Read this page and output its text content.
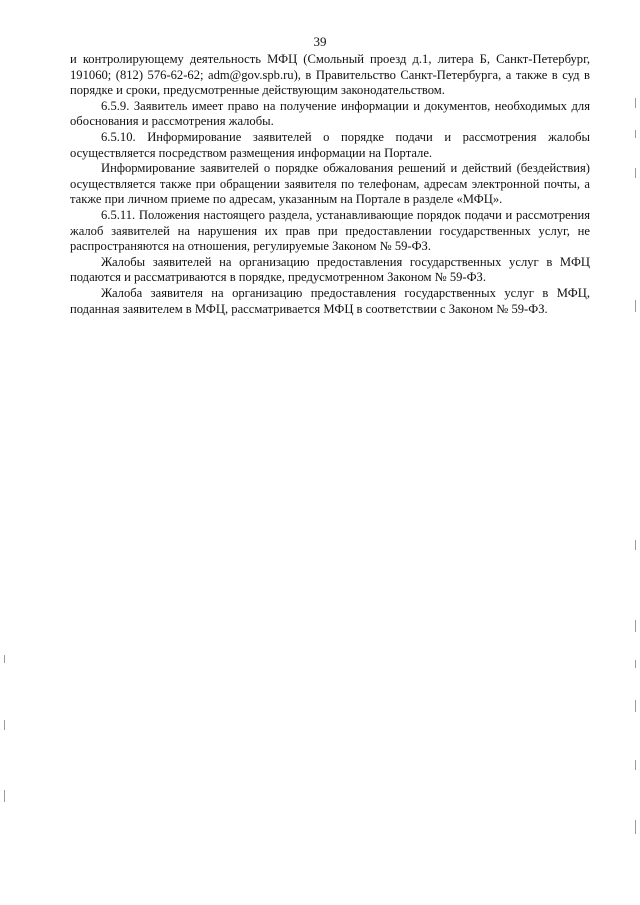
39

и контролирующему деятельность МФЦ (Смольный проезд д.1, литера Б, Санкт-Петербург, 191060; (812) 576-62-62; adm@gov.spb.ru), в Правительство Санкт-Петербурга, а также в суд в порядке и сроки, предусмотренные действующим законодательством.

6.5.9. Заявитель имеет право на получение информации и документов, необходимых для обоснования и рассмотрения жалобы.

6.5.10. Информирование заявителей о порядке подачи и рассмотрения жалобы осуществляется посредством размещения информации на Портале.

Информирование заявителей о порядке обжалования решений и действий (бездействия) осуществляется также при обращении заявителя по телефонам, адресам электронной почты, а также при личном приеме по адресам, указанным на Портале в разделе «МФЦ».

6.5.11. Положения настоящего раздела, устанавливающие порядок подачи и рассмотрения жалоб заявителей на нарушения их прав при предоставлении государственных услуг, не распространяются на отношения, регулируемые Законом № 59-ФЗ.

Жалобы заявителей на организацию предоставления государственных услуг в МФЦ подаются и рассматриваются в порядке, предусмотренном Законом № 59-ФЗ.

Жалоба заявителя на организацию предоставления государственных услуг в МФЦ, поданная заявителем в МФЦ, рассматривается МФЦ в соответствии с Законом № 59-ФЗ.
